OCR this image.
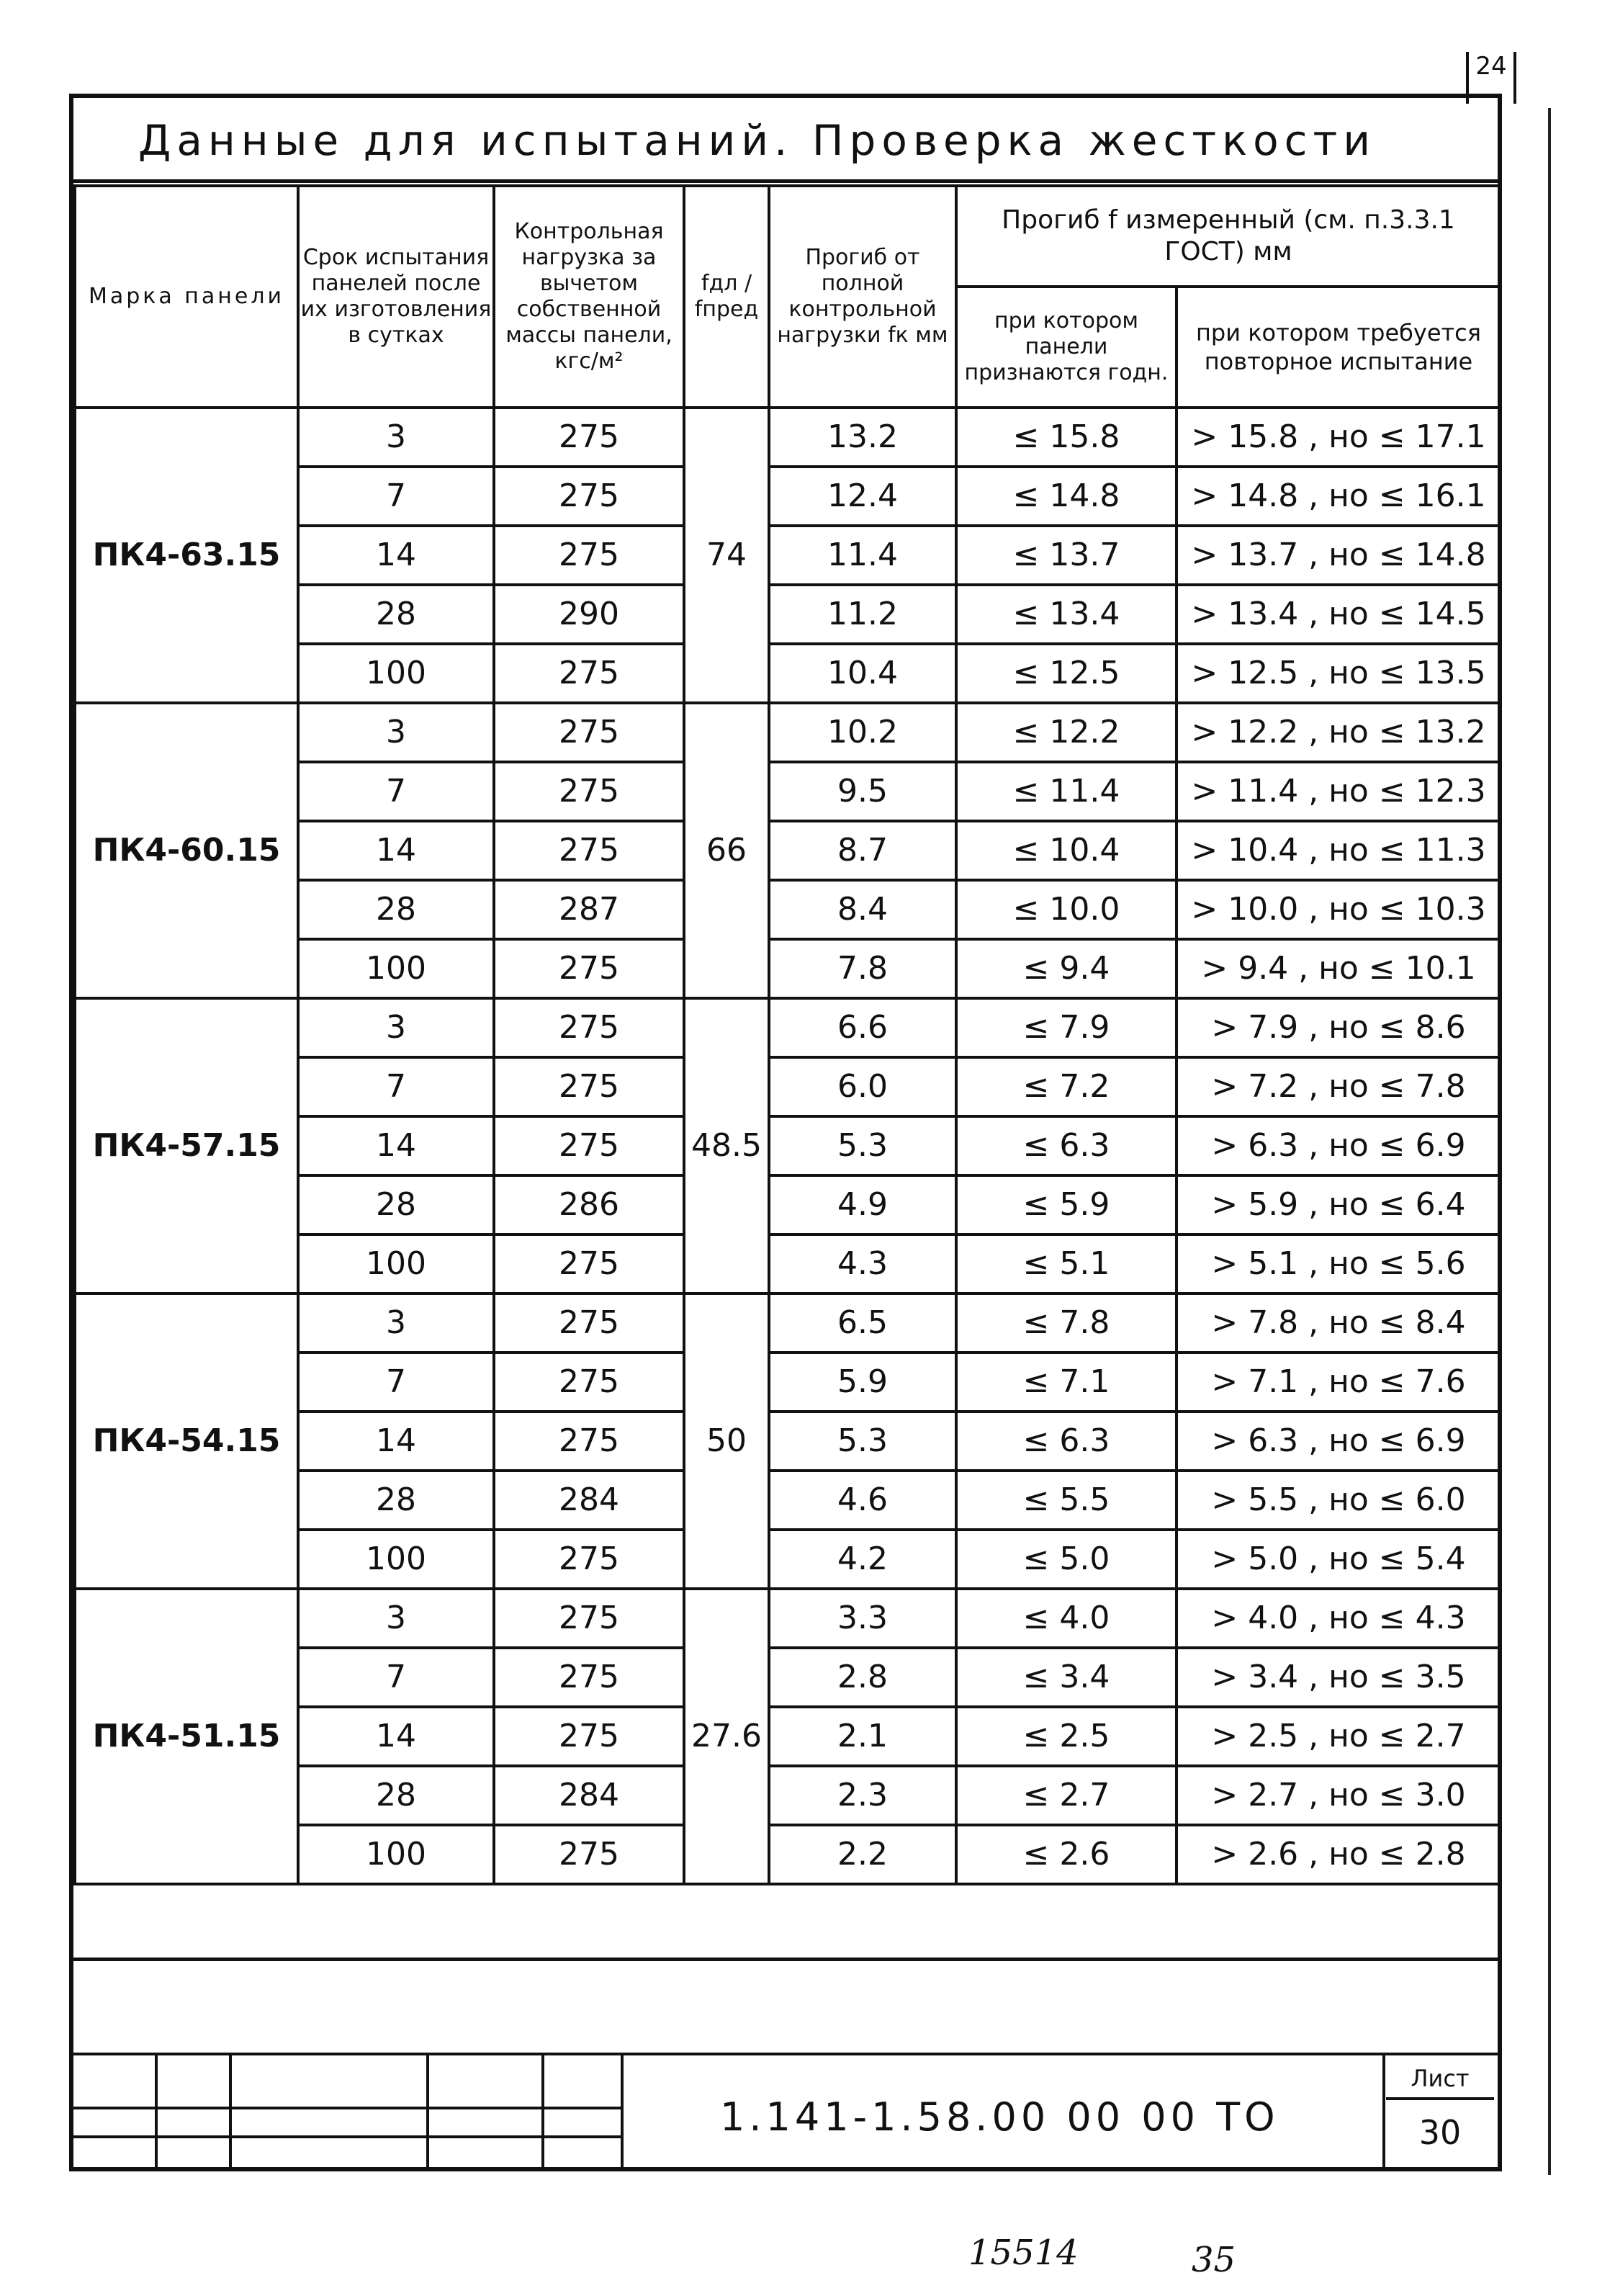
24
Данные для испытаний. Проверка жесткости
Марка панели	Срок испытания панелей после их изготовления в сутках	Контрольная нагрузка за вычетом собственной массы панели, кгс/м²	fдл / fпред	Прогиб от полной контрольной нагрузки fк мм	Прогиб f измеренный (см. п.3.3.1 ГОСТ) мм	
					при котором панели признаются годн.	при котором требуется повторное испытание
ПК4-63.15	3	275	74	13.2	≤ 15.8	> 15.8 , но ≤ 17.1
	7	275		12.4	≤ 14.8	> 14.8 , но ≤ 16.1
	14	275		11.4	≤ 13.7	> 13.7 , но ≤ 14.8
	28	290		11.2	≤ 13.4	> 13.4 , но ≤ 14.5
	100	275		10.4	≤ 12.5	> 12.5 , но ≤ 13.5
ПК4-60.15	3	275	66	10.2	≤ 12.2	> 12.2 , но ≤ 13.2
	7	275		9.5	≤ 11.4	> 11.4 , но ≤ 12.3
	14	275		8.7	≤ 10.4	> 10.4 , но ≤ 11.3
	28	287		8.4	≤ 10.0	> 10.0 , но ≤ 10.3
	100	275		7.8	≤ 9.4	> 9.4 , но ≤ 10.1
ПК4-57.15	3	275	48.5	6.6	≤ 7.9	> 7.9 , но ≤ 8.6
	7	275		6.0	≤ 7.2	> 7.2 , но ≤ 7.8
	14	275		5.3	≤ 6.3	> 6.3 , но ≤ 6.9
	28	286		4.9	≤ 5.9	> 5.9 , но ≤ 6.4
	100	275		4.3	≤ 5.1	> 5.1 , но ≤ 5.6
ПК4-54.15	3	275	50	6.5	≤ 7.8	> 7.8 , но ≤ 8.4
	7	275		5.9	≤ 7.1	> 7.1 , но ≤ 7.6
	14	275		5.3	≤ 6.3	> 6.3 , но ≤ 6.9
	28	284		4.6	≤ 5.5	> 5.5 , но ≤ 6.0
	100	275		4.2	≤ 5.0	> 5.0 , но ≤ 5.4
ПК4-51.15	3	275	27.6	3.3	≤ 4.0	> 4.0 , но ≤ 4.3
	7	275		2.8	≤ 3.4	> 3.4 , но ≤ 3.5
	14	275		2.1	≤ 2.5	> 2.5 , но ≤ 2.7
	28	284		2.3	≤ 2.7	> 2.7 , но ≤ 3.0
	100	275		2.2	≤ 2.6	> 2.6 , но ≤ 2.8
1.141-1.58.00 00 00 ТО
Лист
30
15514	35
